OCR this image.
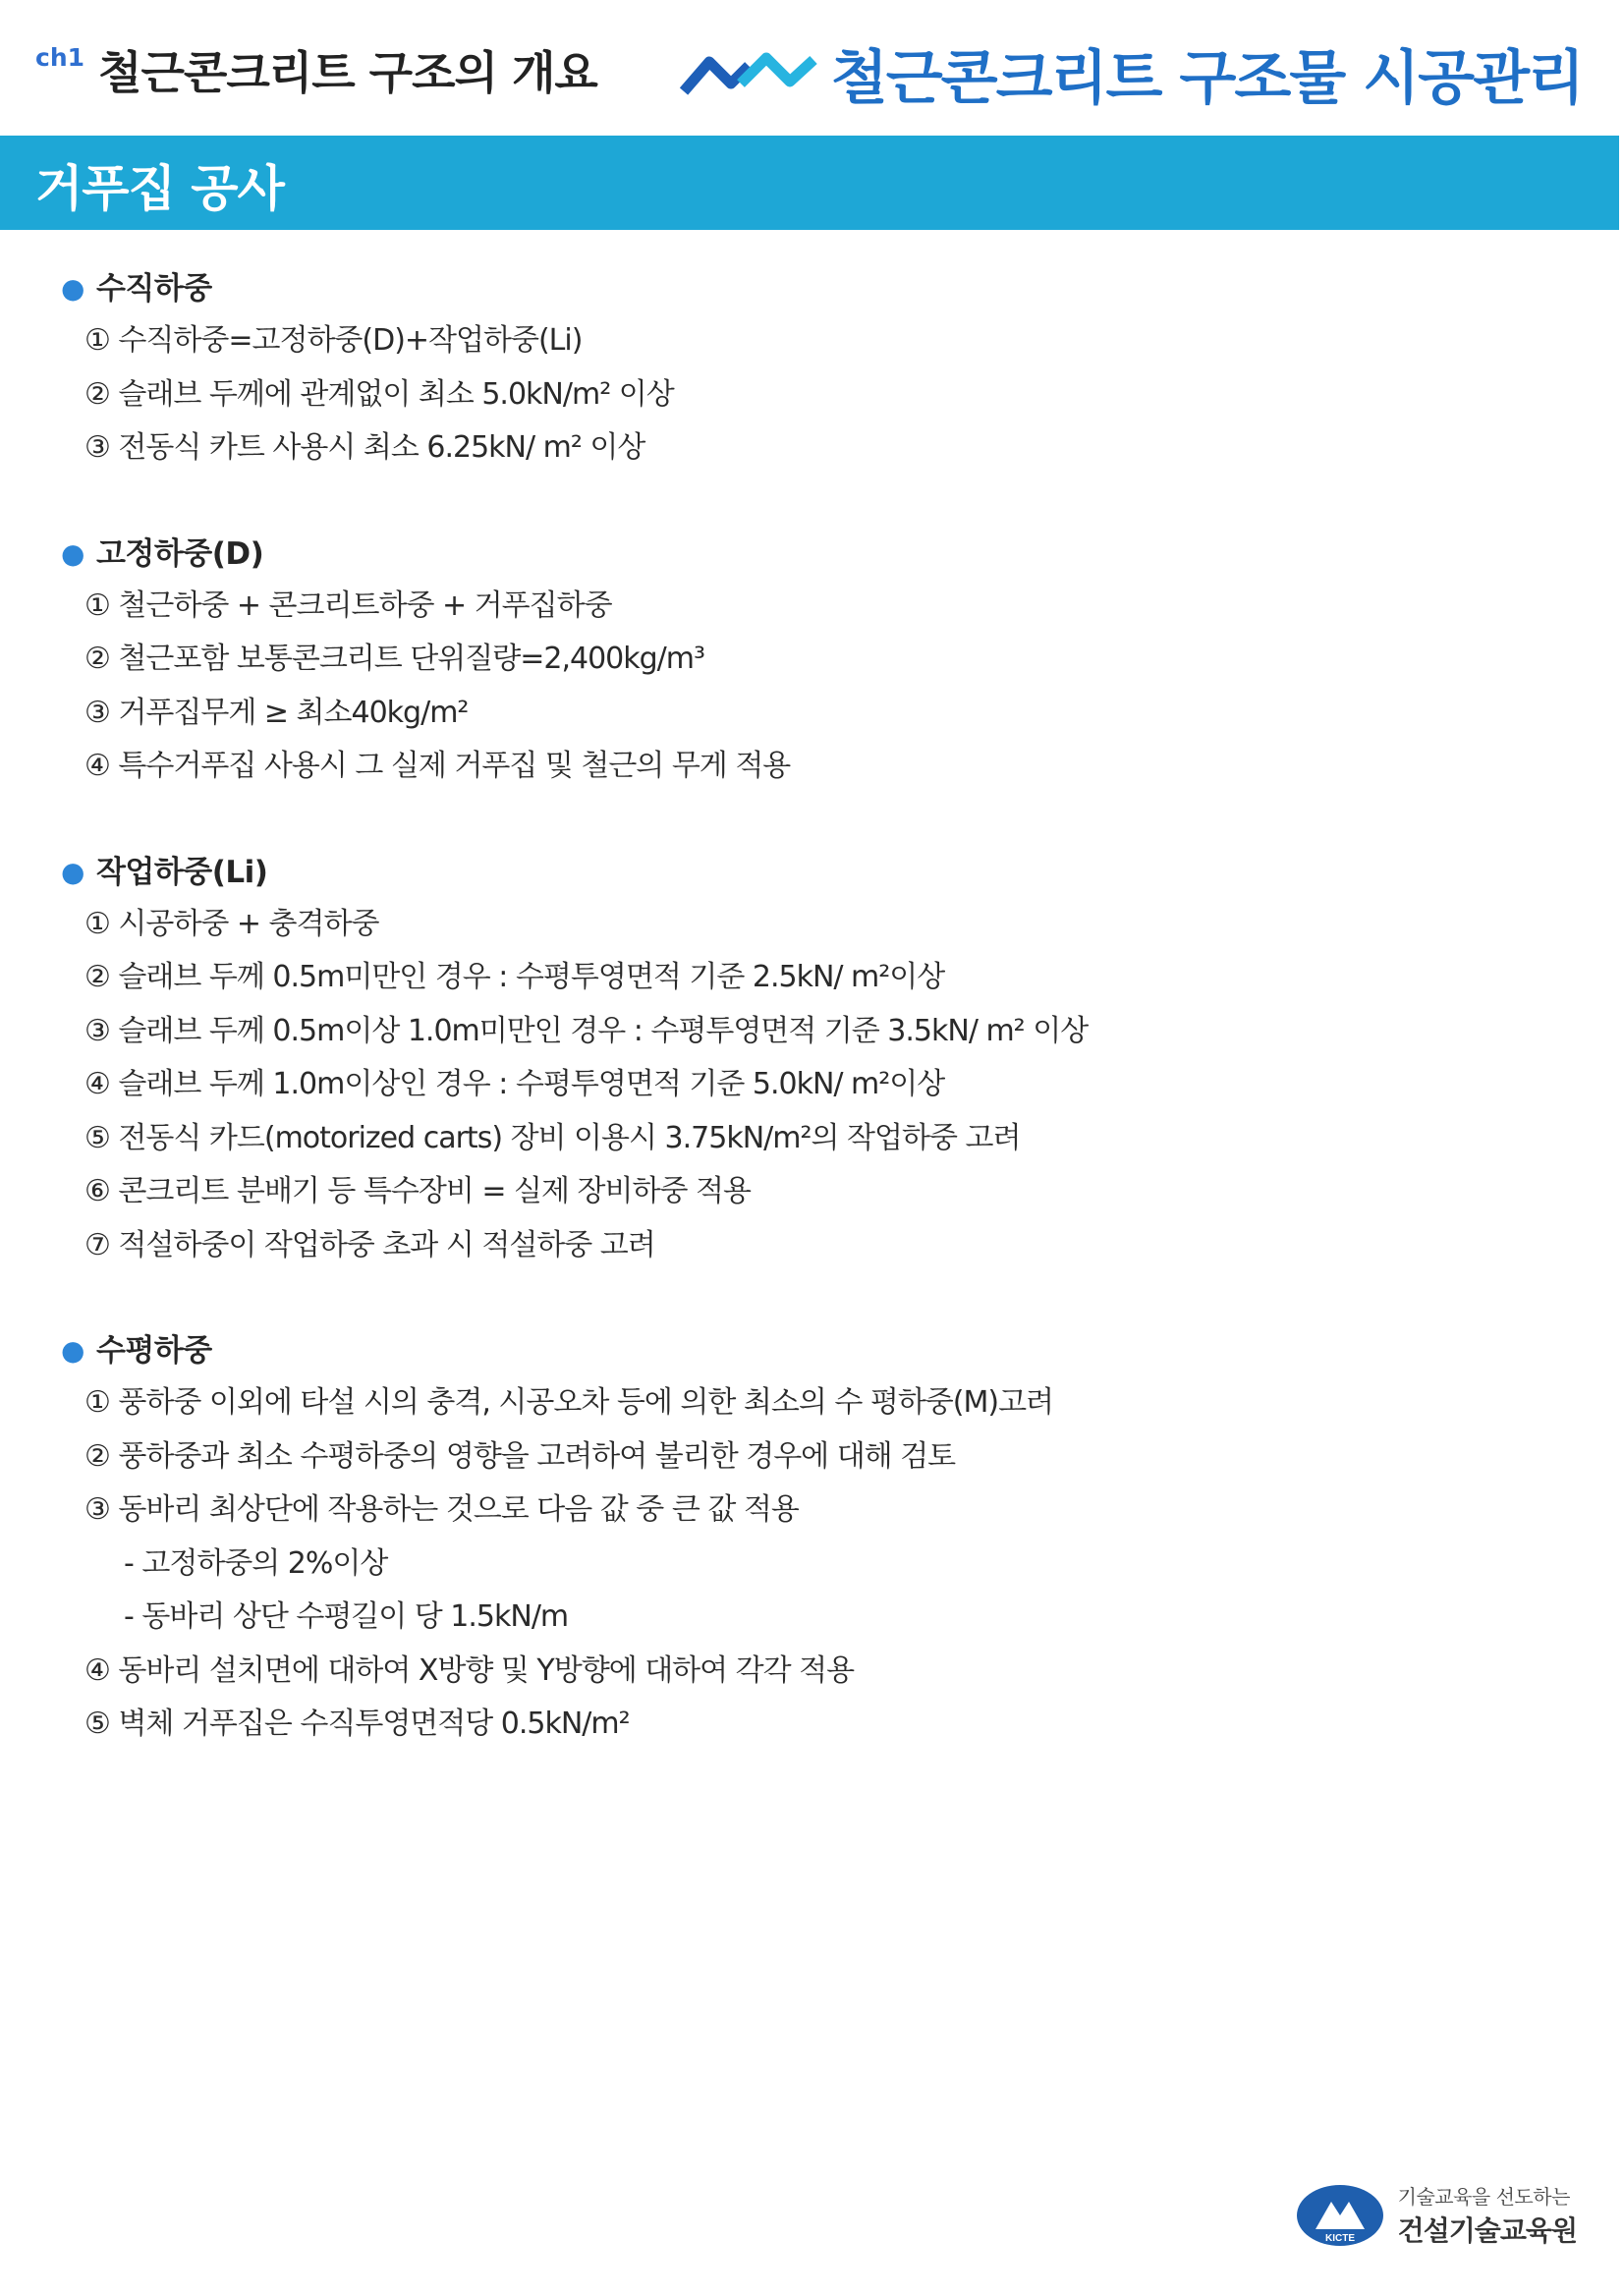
ch1 철근콘크리트 구조의 개요	철근콘크리트 구조물 시공관리
거푸집 공사
● 수직하중
① 수직하중=고정하중(D)+작업하중(Li)
② 슬래브 두께에 관계없이 최소 5.0kN/m² 이상
③ 전동식 카트 사용시 최소 6.25kN/ m² 이상
● 고정하중(D)
① 철근하중 + 콘크리트하중 + 거푸집하중
② 철근포함 보통콘크리트 단위질량=2,400kg/m³
③ 거푸집무게 ≥ 최소40kg/m²
④ 특수거푸집 사용시 그 실제 거푸집 및 철근의 무게 적용
● 작업하중(Li)
① 시공하중 + 충격하중
② 슬래브 두께 0.5m미만인 경우 : 수평투영면적 기준 2.5kN/ m²이상
③ 슬래브 두께 0.5m이상 1.0m미만인 경우 : 수평투영면적 기준 3.5kN/ m² 이상
④ 슬래브 두께 1.0m이상인 경우 : 수평투영면적 기준 5.0kN/ m²이상
⑤ 전동식 카드(motorized carts) 장비 이용시 3.75kN/m²의 작업하중 고려
⑥ 콘크리트 분배기 등 특수장비 = 실제 장비하중 적용
⑦ 적설하중이 작업하중 초과 시 적설하중 고려
● 수평하중
① 풍하중 이외에 타설 시의 충격, 시공오차 등에 의한 최소의 수 평하중(M)고려
② 풍하중과 최소 수평하중의 영향을 고려하여 불리한 경우에 대해 검토
③ 동바리 최상단에 작용하는 것으로 다음 값 중 큰 값 적용
- 고정하중의 2%이상
- 동바리 상단 수평길이 당 1.5kN/m
④ 동바리 설치면에 대하여 X방향 및 Y방향에 대하여 각각 적용
⑤ 벽체 거푸집은 수직투영면적당 0.5kN/m²
KICTE
기술교육을 선도하는
건설기술교육원
